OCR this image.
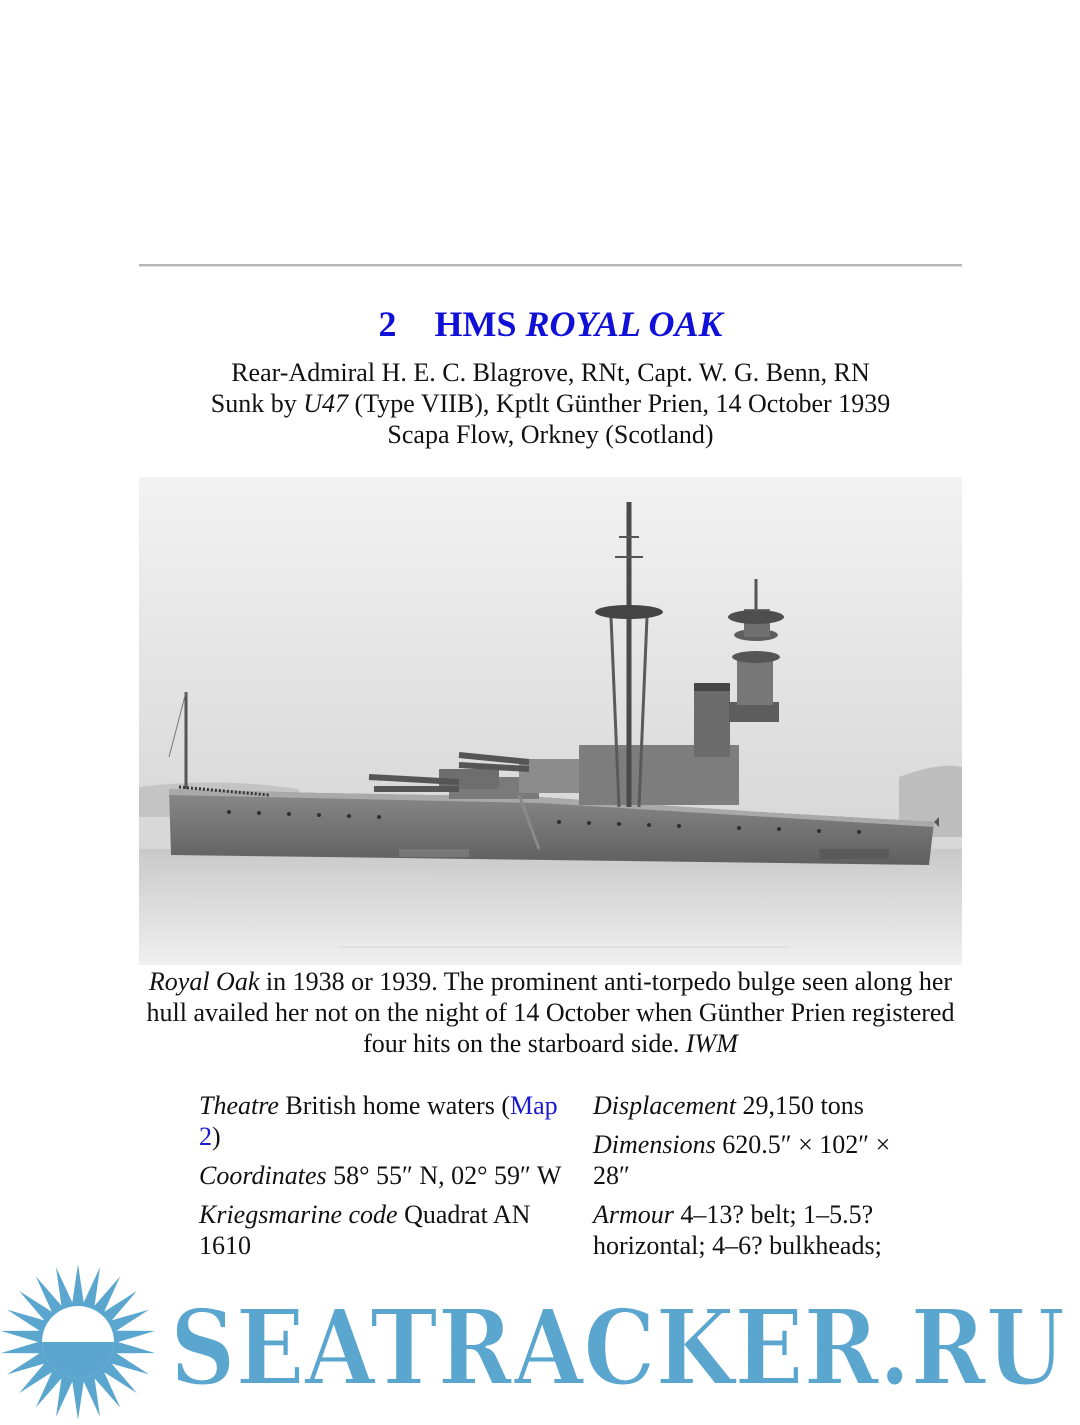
2 HMS ROYAL OAK
Rear-Admiral H. E. C. Blagrove, RNt, Capt. W. G. Benn, RN
Sunk by U47 (Type VIIB), Kptlt Günther Prien, 14 October 1939
Scapa Flow, Orkney (Scotland)
Royal Oak in 1938 or 1939. The prominent anti-torpedo bulge seen along her hull availed her not on the night of 14 October when Günther Prien registered four hits on the starboard side. IWM
Theatre British home waters (Map 2)
Coordinates 58° 55″ N, 02° 59″ W
Kriegsmarine code Quadrat AN 1610
Displacement 29,150 tons
Dimensions 620.5″ × 102″ × 28″
Armour 4–13? belt; 1–5.5? horizontal; 4–6? bulkheads;
SEATRACKER.RU
